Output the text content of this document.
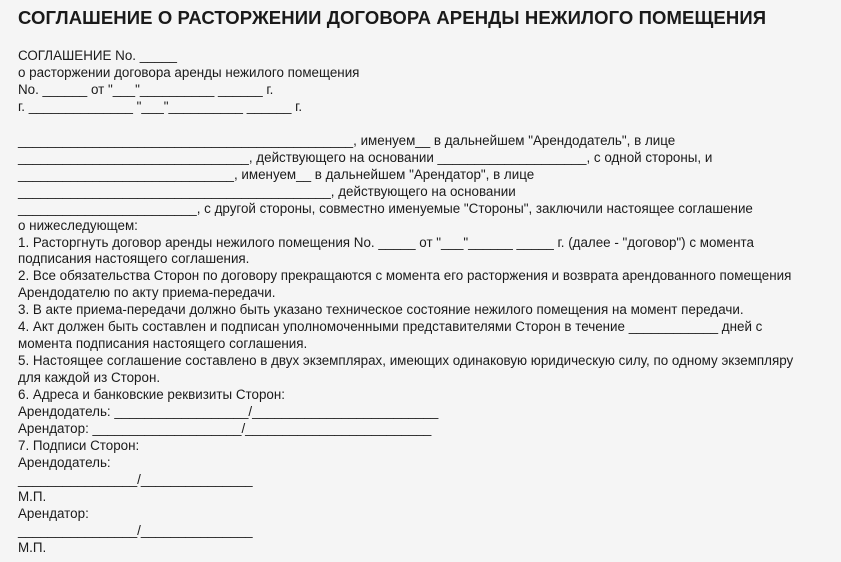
СОГЛАШЕНИЕ О РАСТОРЖЕНИИ ДОГОВОРА АРЕНДЫ НЕЖИЛОГО ПОМЕЩЕНИЯ
СОГЛАШЕНИЕ No. _____
о расторжении договора аренды нежилого помещения
No. ______ от "___"__________ ______ г.
г. ______________ "___"__________ ______ г.
_____________________________________________, именуем__ в дальнейшем "Арендодатель", в лице
_______________________________, действующего на основании ____________________, с одной стороны, и
_____________________________, именуем__ в дальнейшем "Арендатор", в лице
__________________________________________, действующего на основании
________________________, с другой стороны, совместно именуемые "Стороны", заключили настоящее соглашение
о нижеследующем:
1. Расторгнуть договор аренды нежилого помещения No. _____ от "___"______ _____ г. (далее - "договор") с момента
подписания настоящего соглашения.
2. Все обязательства Сторон по договору прекращаются с момента его расторжения и возврата арендованного помещения
Арендодателю по акту приема-передачи.
3. В акте приема-передачи должно быть указано техническое состояние нежилого помещения на момент передачи.
4. Акт должен быть составлен и подписан уполномоченными представителями Сторон в течение ____________ дней с
момента подписания настоящего соглашения.
5. Настоящее соглашение составлено в двух экземплярах, имеющих одинаковую юридическую силу, по одному экземпляру
для каждой из Сторон.
6. Адреса и банковские реквизиты Сторон:
Арендодатель: __________________/_________________________
Арендатор: ____________________/_________________________
7. Подписи Сторон:
Арендодатель:
________________/_______________
М.П.
Арендатор:
________________/_______________
М.П.
